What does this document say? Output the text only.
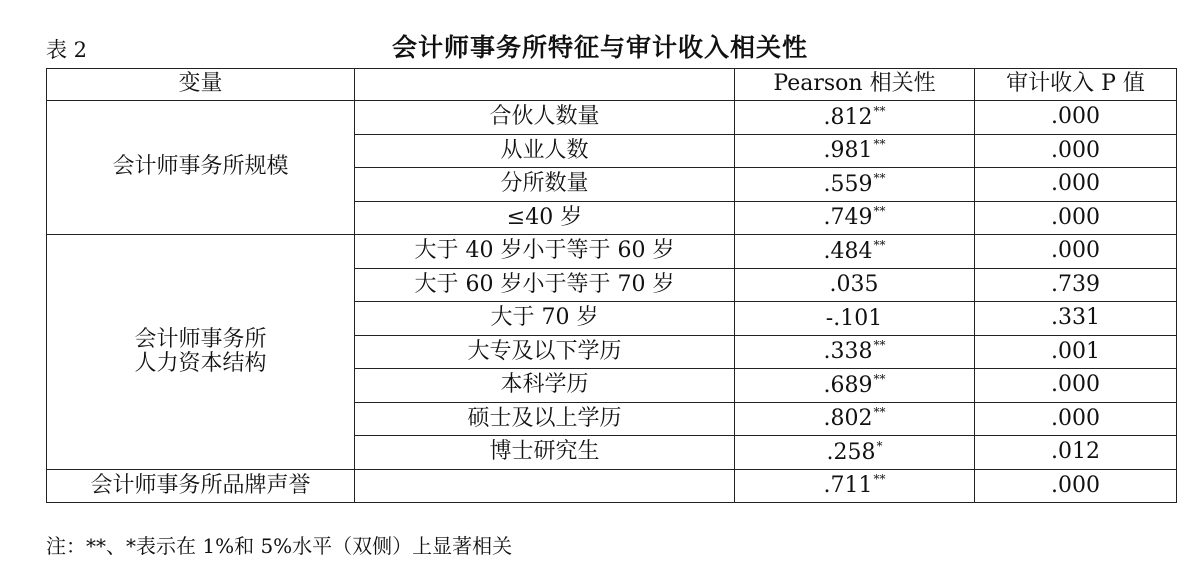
表 2	会计师事务所特征与审计收入相关性
变量		Pearson 相关性	审计收入 P 值

会计师事务所规模	合伙人数量	.812**	.000
	从业人数	.981**	.000
	分所数量	.559**	.000
	≤40 岁	.749**	.000

会计师事务所
人力资本结构	大于 40 岁小于等于 60 岁	.484**	.000
	大于 60 岁小于等于 70 岁	.035	.739
	大于 70 岁	-.101	.331
	大专及以下学历	.338**	.001
	本科学历	.689**	.000
	硕士及以上学历	.802**	.000
	博士研究生	.258*	.012

会计师事务所品牌声誉		.711**	.000
注：**、*表示在 1%和 5%水平（双侧）上显著相关
